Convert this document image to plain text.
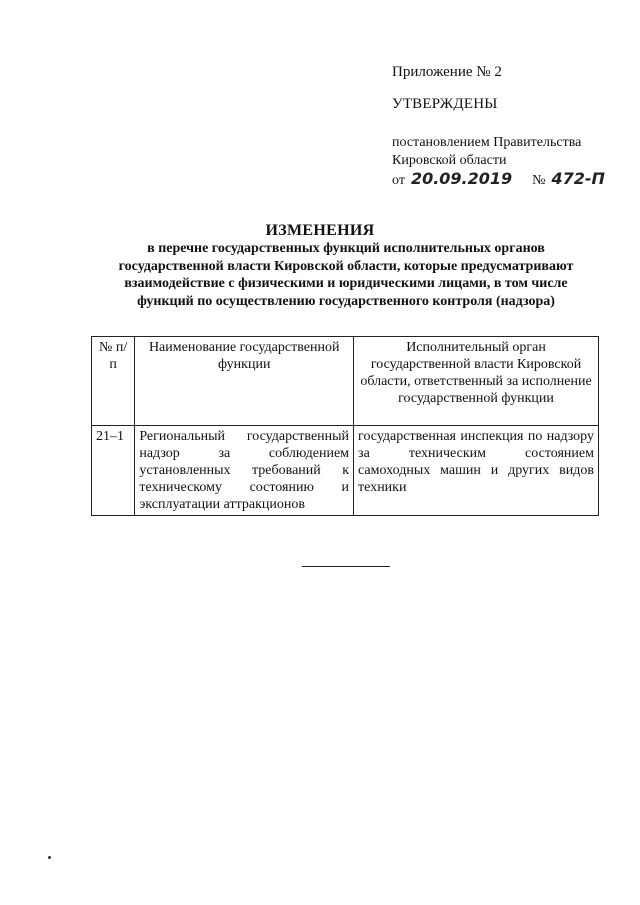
Приложение № 2
УТВЕРЖДЕНЫ
постановлением Правительства
Кировской области
от 20.09.2019 № 472-П
ИЗМЕНЕНИЯ
в перечне государственных функций исполнительных органов государственной власти Кировской области, которые предусматривают взаимодействие с физическими и юридическими лицами, в том числе функций по осуществлению государственного контроля (надзора)
№ п/п	Наименование государственной функции	Исполнительный орган государственной власти Кировской области, ответственный за исполнение государственной функции
21–1	Региональный государственный надзор за соблюдением установленных требований к техническому состоянию и эксплуатации аттракционов	государственная инспекция по надзору за техническим состоянием самоходных машин и других видов техники
